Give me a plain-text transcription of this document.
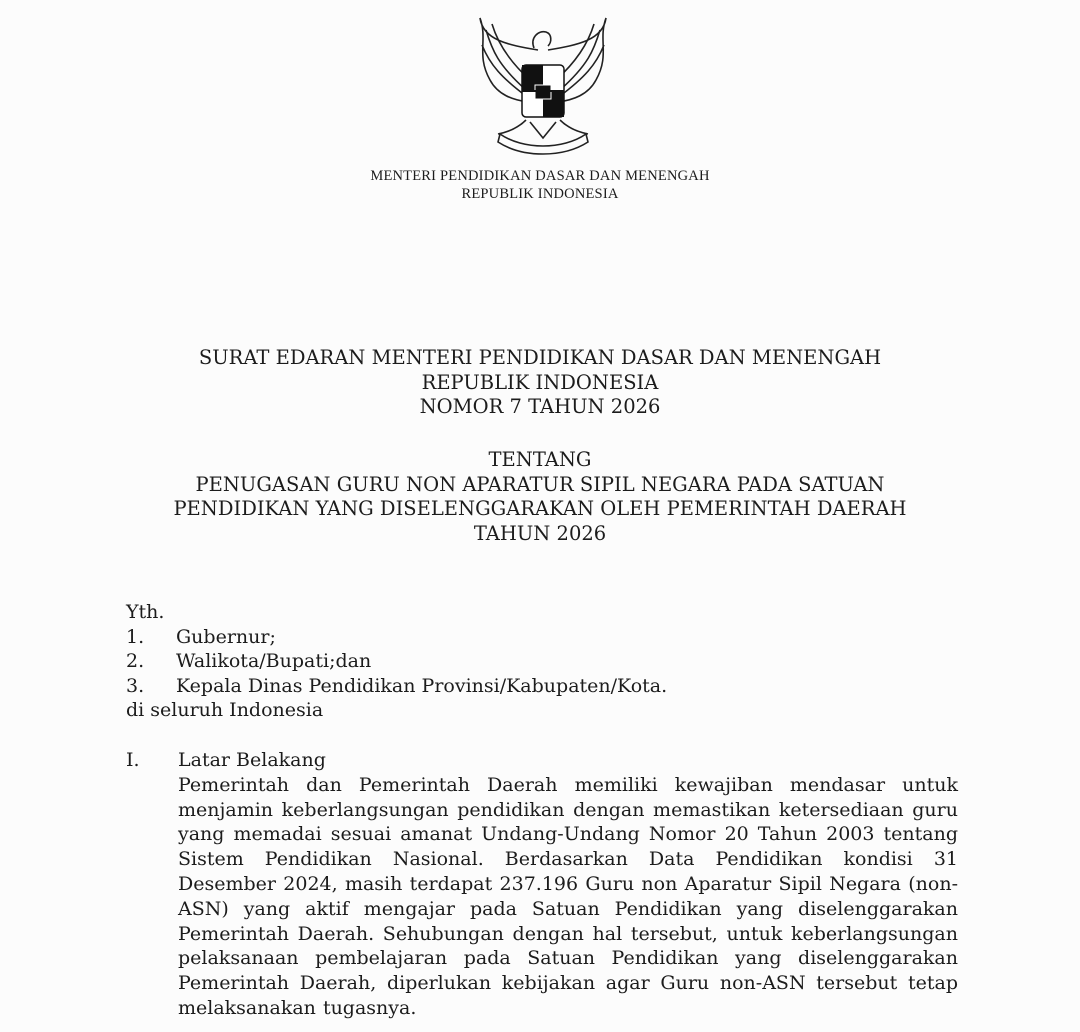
MENTERI PENDIDIKAN DASAR DAN MENENGAH
REPUBLIK INDONESIA

SURAT EDARAN MENTERI PENDIDIKAN DASAR DAN MENENGAH

REPUBLIK INDONESIA

NOMOR 7 TAHUN 2026

TENTANG

PENUGASAN GURU NON APARATUR SIPIL NEGARA PADA SATUAN

PENDIDIKAN YANG DISELENGGARAKAN OLEH PEMERINTAH DAERAH

TAHUN 2026

Yth.

1.	Gubernur;
2.	Walikota/Bupati;dan
3.	Kepala Dinas Pendidikan Provinsi/Kabupaten/Kota.

di seluruh Indonesia

I.	Latar Belakang
Pemerintah dan Pemerintah Daerah memiliki kewajiban mendasar untuk menjamin keberlangsungan pendidikan dengan memastikan ketersediaan guru yang memadai sesuai amanat Undang-Undang Nomor 20 Tahun 2003 tentang Sistem Pendidikan Nasional. Berdasarkan Data Pendidikan kondisi 31 Desember 2024, masih terdapat 237.196 Guru non Aparatur Sipil Negara (non-ASN) yang aktif mengajar pada Satuan Pendidikan yang diselenggarakan Pemerintah Daerah. Sehubungan dengan hal tersebut, untuk keberlangsungan pelaksanaan pembelajaran pada Satuan Pendidikan yang diselenggarakan Pemerintah Daerah, diperlukan kebijakan agar Guru non-ASN tersebut tetap melaksanakan tugasnya.
